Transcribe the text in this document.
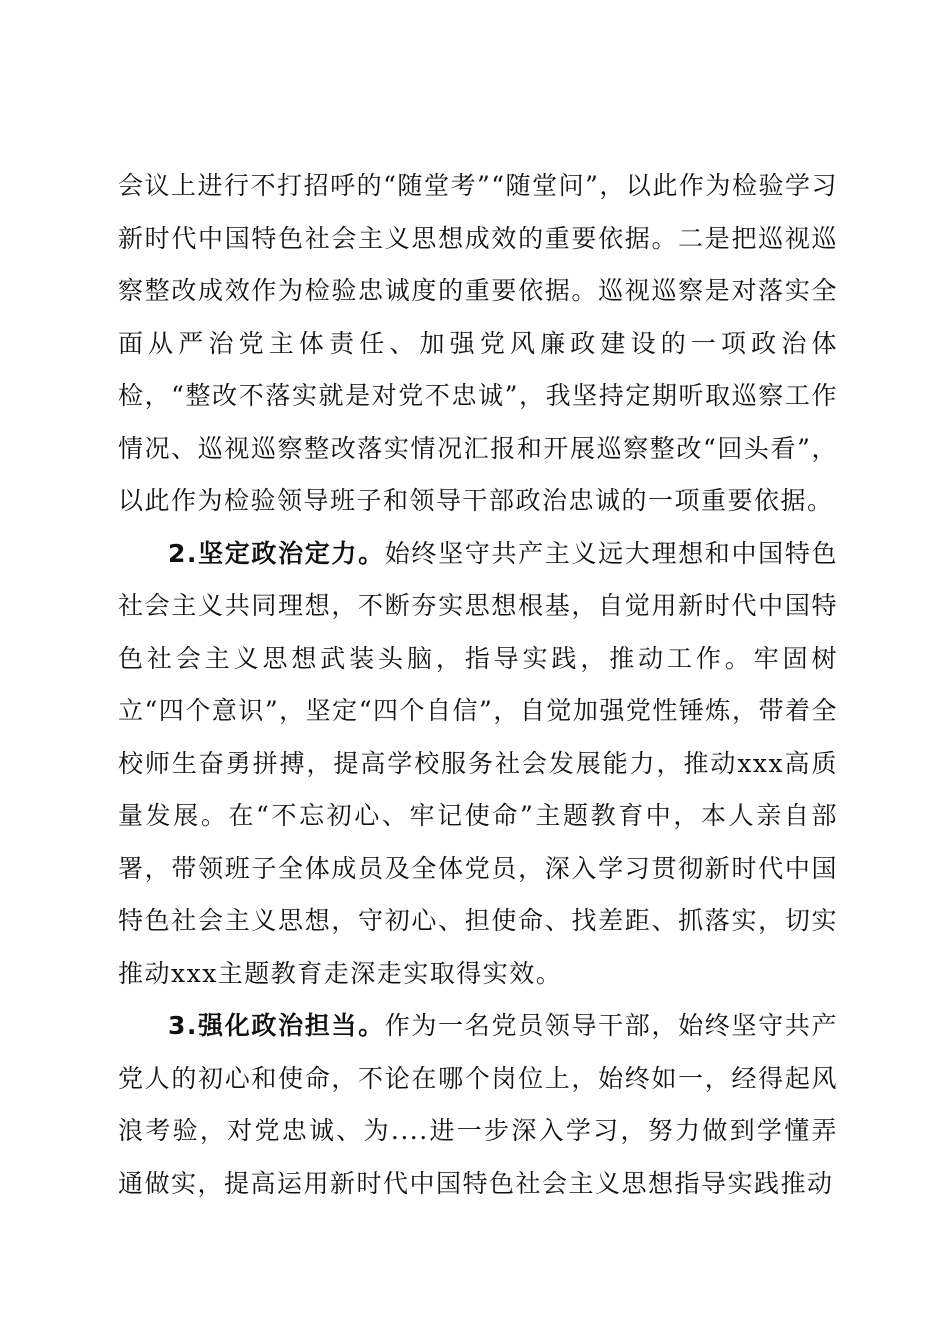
会议上进行不打招呼的“随堂考”“随堂问”，以此作为检验学习新时代中国特色社会主义思想成效的重要依据。二是把巡视巡察整改成效作为检验忠诚度的重要依据。巡视巡察是对落实全面从严治党主体责任、加强党风廉政建设的一项政治体检，“整改不落实就是对党不忠诚”，我坚持定期听取巡察工作情况、巡视巡察整改落实情况汇报和开展巡察整改“回头看”，以此作为检验领导班子和领导干部政治忠诚的一项重要依据。

2.坚定政治定力。始终坚守共产主义远大理想和中国特色社会主义共同理想，不断夯实思想根基，自觉用新时代中国特色社会主义思想武装头脑，指导实践，推动工作。牢固树立“四个意识”，坚定“四个自信”，自觉加强党性锤炼，带着全校师生奋勇拼搏，提高学校服务社会发展能力，推动xxx高质量发展。在“不忘初心、牢记使命”主题教育中，本人亲自部署，带领班子全体成员及全体党员，深入学习贯彻新时代中国特色社会主义思想，守初心、担使命、找差距、抓落实，切实推动xxx主题教育走深走实取得实效。

3.强化政治担当。作为一名党员领导干部，始终坚守共产党人的初心和使命，不论在哪个岗位上，始终如一，经得起风浪考验，对党忠诚、为....进一步深入学习，努力做到学懂弄通做实，提高运用新时代中国特色社会主义思想指导实践推动
